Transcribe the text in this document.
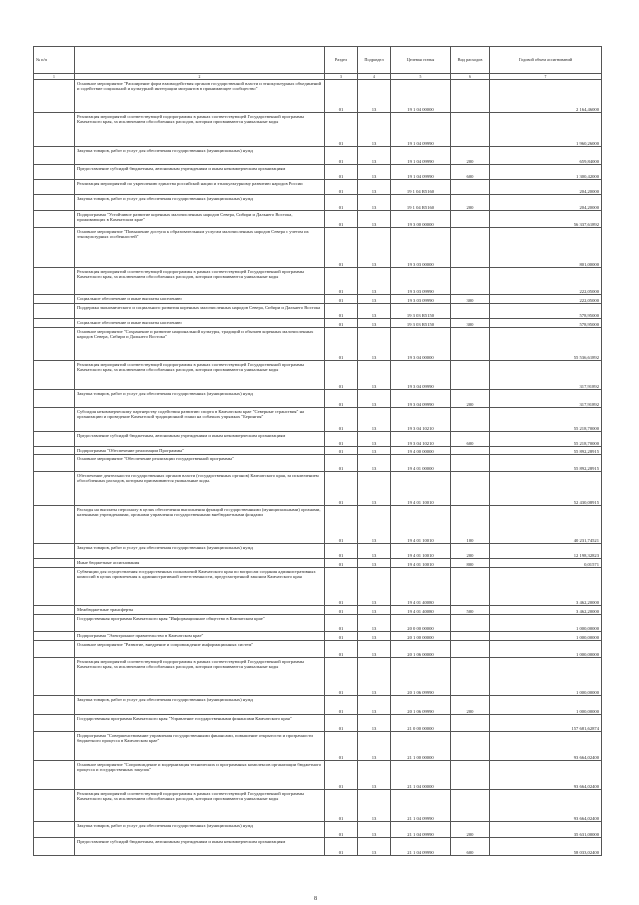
№ п/п		Раздел	Подраздел	Целевая статья	Вид расходов	Годовой объем ассигнований
1	2	3	4	5	6	7
	Основное мероприятие "Расширение форм взаимодействия органов государственной власти и этнокультурных объединений и содействие социальной и культурной интеграции мигрантов в принимающее сообщество"	01	13	19 1 04 00000		2 164,46000
	Реализация мероприятий соответствующей подпрограммы в рамках соответствующей Государственной программы Камчатского края, за исключением обособленных расходов, которым присваиваются уникальные коды	01	13	19 1 04 09990		1 960,26000
	Закупка товаров, работ и услуг для обеспечения государственных (муниципальных) нужд	01	13	19 1 04 09990	200	659,84000
	Предоставление субсидий бюджетным, автономным учреждениям и иным некоммерческим организациям	01	13	19 1 04 09990	600	1 300,42000
	Реализация мероприятий по укреплению единства российской нации и этнокультурному развитию народов России	01	13	19 1 04 R5160		204,20000
	Закупка товаров, работ и услуг для обеспечения государственных (муниципальных) нужд	01	13	19 1 04 R5160	200	204,20000
	Подпрограмма "Устойчивое развитие коренных малочисленных народов Севера, Сибири и Дальнего Востока, проживающих в Камчатском крае"	01	13	19 3 00 00000		56 337,61892
	Основное мероприятие "Повышение доступа к образовательным услугам малочисленных народов Севера с учетом их этнокультурных особенностей"	01	13	19 3 03 00000		801,00000
	Реализация мероприятий соответствующей подпрограммы в рамках соответствующей Государственной программы Камчатского края, за исключением обособленных расходов, которым присваиваются уникальные коды	01	13	19 3 03 09990		222,05000
	Социальное обеспечение и иные выплаты населению	01	13	19 3 03 09990	300	222,05000
	Поддержка экономического и социального развития коренных малочисленных народов Севера, Сибири и Дальнего Востока	01	13	19 3 03 R5150		578,95000
	Социальное обеспечение и иные выплаты населению	01	13	19 3 03 R5150	300	578,95000
	Основное мероприятие "Сохранение и развитие национальной культуры, традиций и обычаев коренных малочисленных народов Севера, Сибири и Дальнего Востока"	01	13	19 3 04 00000		55 536,61892
	Реализация мероприятий соответствующей подпрограммы в рамках соответствующей Государственной программы Камчатского края, за исключением обособленных расходов, которым присваиваются уникальные коды	01	13	19 3 04 09990		317,91892
	Закупка товаров, работ и услуг для обеспечения государственных (муниципальных) нужд	01	13	19 3 04 09990	200	317,91892
	Субсидия некоммерческому партнерству содействия развитию спорта в Камчатском крае "Северные странствия" на организацию и проведение Камчатской традиционной гонки на собачьих упряжках "Берингия"	01	13	19 3 04 10210		55 218,70000
	Предоставление субсидий бюджетным, автономным учреждениям и иным некоммерческим организациям	01	13	19 3 04 10210	600	55 218,70000
	Подпрограмма "Обеспечение реализации Программы"	01	13	19 4 00 00000		55 892,28915
	Основное мероприятие "Обеспечение реализации государственной программы"	01	13	19 4 01 00000		55 892,28915
	Обеспечение деятельности государственных органов власти (государственных органов) Камчатского края, за исключением обособленных расходов, которым присваиваются уникальные коды.	01	13	19 4 01 10010		52 430,08915
	Расходы на выплаты персоналу в целях обеспечения выполнения функций государственными (муниципальными) органами, казенными учреждениями, органами управления государственными внебюджетными фондами	01	13	19 4 01 10010	100	40 231,74521
	Закупка товаров, работ и услуг для обеспечения государственных (муниципальных) нужд	01	13	19 4 01 10010	200	12 198,32823
	Иные бюджетные ассигнования	01	13	19 4 01 10010	800	0,01571
	Субвенции для осуществления государственных полномочий Камчатского края по вопросам создания административных комиссий в целях привлечения к административной ответственности, предусмотренной законом Камчатского края	01	13	19 4 01 40080		3 462,20000
	Межбюджетные трансферты	01	13	19 4 01 40080	500	3 462,20000
	Государственная программа Камчатского края "Информационное общество в Камчатском крае"	01	13	20 0 00 00000		1 000,00000
	Подпрограмма "Электронное правительство в Камчатском крае"	01	13	20 1 00 00000		1 000,00000
	Основное мероприятие "Развитие, внедрение и сопровождение информационных систем"	01	13	20 1 06 00000		1 000,00000
	Реализация мероприятий соответствующей подпрограммы в рамках соответствующей Государственной программы Камчатского края, за исключением обособленных расходов, которым присваиваются уникальные коды	01	13	20 1 06 09990		1 000,00000
	Закупка товаров, работ и услуг для обеспечения государственных (муниципальных) нужд	01	13	20 1 06 09990	200	1 000,00000
	Государственная программа Камчатского края "Управление государственными финансами Камчатского края"	01	13	21 0 00 00000		157 681,62874
	Подпрограмма "Совершенствование управления государственными финансами, повышение открытости и прозрачности бюджетного процесса в Камчатском крае"	01	13	21 1 00 00000		93 664,02400
	Основное мероприятие "Сопровождение и модернизация технических и программных комплексов организации бюджетного процесса и государственных закупок"	01	13	21 1 04 00000		93 664,02400
	Реализация мероприятий соответствующей подпрограммы в рамках соответствующей Государственной программы Камчатского края, за исключением обособленных расходов, которым присваиваются уникальные коды	01	13	21 1 04 09990		93 664,02400
	Закупка товаров, работ и услуг для обеспечения государственных (муниципальных) нужд	01	13	21 1 04 09990	200	35 631,00000
	Предоставление субсидий бюджетным, автономным учреждениям и иным некоммерческим организациям	01	13	21 1 04 09990	600	58 033,02400
8
